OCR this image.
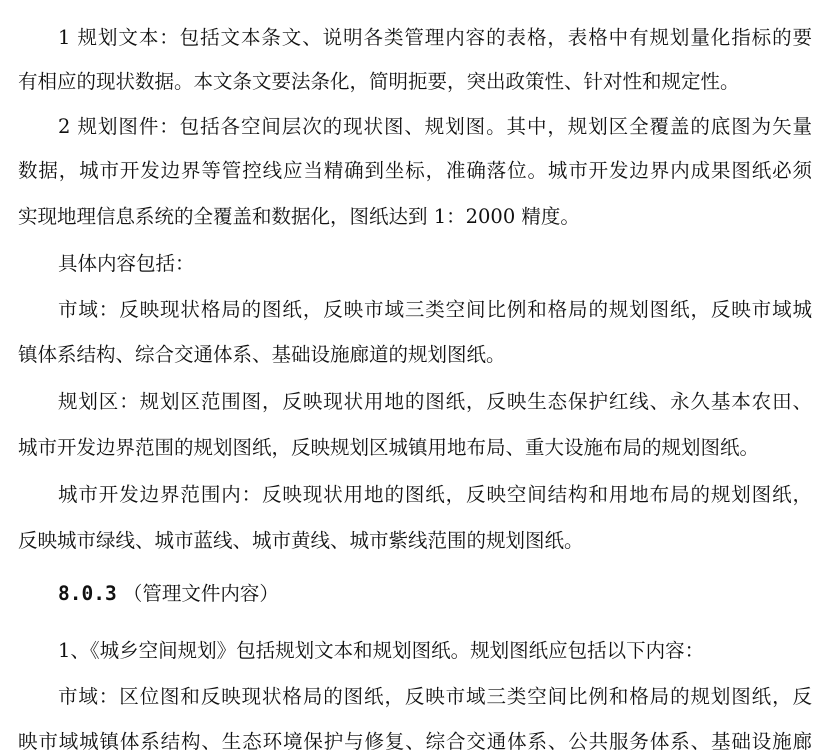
1 规划文本：包括文本条文、说明各类管理内容的表格，表格中有规划量化指标的要
有相应的现状数据。本文条文要法条化，简明扼要，突出政策性、针对性和规定性。
2 规划图件：包括各空间层次的现状图、规划图。其中，规划区全覆盖的底图为矢量
数据，城市开发边界等管控线应当精确到坐标，准确落位。城市开发边界内成果图纸必须
实现地理信息系统的全覆盖和数据化，图纸达到 1：2000 精度。
具体内容包括：
市域：反映现状格局的图纸，反映市域三类空间比例和格局的规划图纸，反映市域城
镇体系结构、综合交通体系、基础设施廊道的规划图纸。
规划区：规划区范围图，反映现状用地的图纸，反映生态保护红线、永久基本农田、
城市开发边界范围的规划图纸，反映规划区城镇用地布局、重大设施布局的规划图纸。
城市开发边界范围内：反映现状用地的图纸，反映空间结构和用地布局的规划图纸，
反映城市绿线、城市蓝线、城市黄线、城市紫线范围的规划图纸。
8.0.3 （管理文件内容）
1、《城乡空间规划》包括规划文本和规划图纸。规划图纸应包括以下内容：
市域：区位图和反映现状格局的图纸，反映市域三类空间比例和格局的规划图纸，反
映市域城镇体系结构、生态环境保护与修复、综合交通体系、公共服务体系、基础设施廊
